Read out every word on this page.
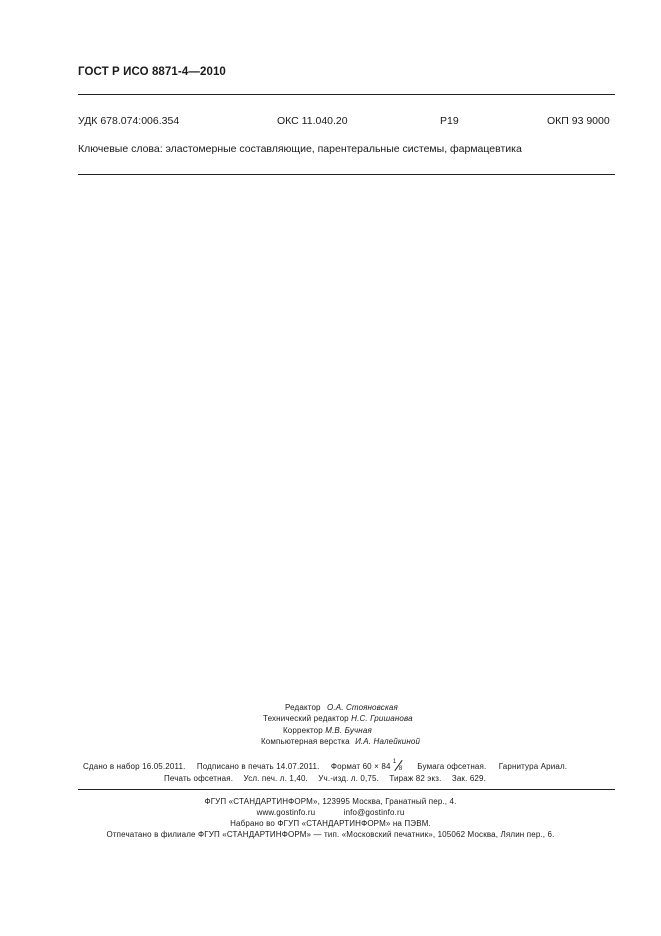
ГОСТ Р ИСО 8871-4—2010
УДК 678.074:006.354	ОКС 11.040.20	Р19	ОКП 93 9000
Ключевые слова: эластомерные составляющие, парентеральные системы, фармацевтика
Редактор О.А. Стояновская
Технический редактор Н.С. Гришанова
Корректор М.В. Бучная
Компьютерная верстка И.А. Налейкиной
Сдано в набор 16.05.2011. Подписано в печать 14.07.2011. Формат 60 × 84 1
8 Бумага офсетная. Гарнитура Ариал.
Печать офсетная. Усл. печ. л. 1,40. Уч.-изд. л. 0,75. Тираж 82 экз. Зак. 629.
ФГУП «СТАНДАРТИНФОРМ», 123995 Москва, Гранатный пер., 4.
www.gostinfo.ru	info@gostinfo.ru
Набрано во ФГУП «СТАНДАРТИНФОРМ» на ПЭВМ.
Отпечатано в филиале ФГУП «СТАНДАРТИНФОРМ» — тип. «Московский печатник», 105062 Москва, Лялин пер., 6.
